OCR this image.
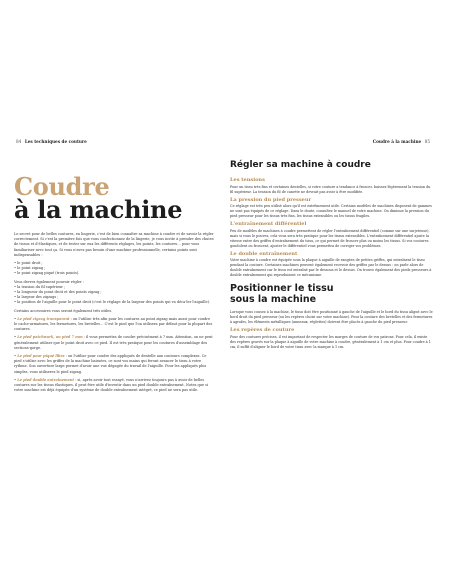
84 Les techniques de couture	Coudre à la machine 85
Coudre
à la machine

Le secret pour de belles coutures, en lingerie, c'est de bien connaître sa machine à coudre et de savoir la régler correctement. Si c'est la première fois que vous confectionnez de la lingerie, je vous invite à prendre des chutes de tissus et d'élastiques, et de tester sur eux les différents réglages, les points, les coutures… pour vous familiariser avec tout ça. Si vous n'avez pas besoin d'une machine professionnelle, certains points sont indispensables :

• le point droit ;
• le point zigzag ;
• le point zigzag piqué (trois points).

Vous devrez également pouvoir régler :
• la tension du fil supérieur ;
• la longueur du point droit et des points zigzag ;
• la largeur des zigzags ;
• la position de l'aiguille pour le point droit (c'est le réglage de la largeur des points qui va déca-ler l'aiguille).

Certains accessoires vous seront également très utiles.

• Le pied zigzag transparent : on l'utilise très afin pour les coutures au point zigzag mais aussi pour coudre le cache-armatures, les fermetures, les bretelles… C'est le pied que l'on utilisera par défaut pour la plupart des coutures.

• Le pied patchwork, ou pied 7 mm : il vous permettra de coudre précisément à 7 mm. Attention, on ne peut généralement utiliser que le point droit avec ce pied. Il est très pratique pour les coutures d'assemblage des sections-gorge.

• Le pied pour piqué libre : on l'utilise pour coudre des appliqués de dentelle aux contours complexes. Ce pied s'utilise avec les griffes de la machine baissées, ce sont vos mains qui feront avancer le tissu à votre rythme. Son ouverture large permet d'avoir une vue dégagée du travail de l'aiguille. Pour les appliqués plus simples, vous utiliserez le pied zigzag.

• Le pied double entraînement : si, après avoir tout essayé, vous n'arrivez toujours pas à avoir de belles coutures sur les tissus élastiques, il peut être utile d'investir dans un pied double entraînement. Notez que si votre machine est déjà équipée d'un système de double entraînement intégré, ce pied ne sera pas utile.

Régler sa machine à coudre
Les tensions
Pour un tissu très fins et certaines dentelles, si votre couture a tendance à froncer, baissez légèrement la tension du fil supérieur. La tension du fil de canette ne devrait pas avoir à être modifiée.
La pression du pied presseur
Ce réglage est très peu utilisé alors qu'il est extrêmement utile. Certains modèles de machines disposent de gammes ne sont pas équipés de ce réglage. Dans le doute, consultez le manuel de votre machine. On diminue la pression du pied presseur pour les tissus très fins, les tissus extensibles ou les tissus fragiles.
L'entraînement différentiel
Peu de modèles de machines à coudre permettent de régler l'entraînement différentiel (comme sur une surjeteuse), mais si vous le pouvez, cela vous sera très pratique pour les tissus extensibles. L'entraînement différentiel ajuste la vitesse entre des griffes d'entraînement du tissu, ce qui permet de froncer plus ou moins les tissus. Si vos coutures gondolent ou froncent, ajuster le différentiel vous permettra de corriger vos problèmes.
Le double entraînement
Votre machine à coudre est équipée sous la plaque à aiguille de rangées de petites griffes, qui entraînent le tissu pendant la couture. Certaines machines peuvent également recevoir des griffes par le dessus : on parle alors de double entraînement car le tissu est entraîné par le dessous et le dessus. On trouve également des pieds presseurs à double entraînement qui reproduisent ce mécanisme.
Positionner le tissu
sous la machine
Lorsque vous cousez à la machine, le tissu doit être positionné à gauche de l'aiguille et le bord du tissu aligné avec le bord droit du pied presseur (ou les repères choisi sur votre machine). Pour la couture des bretelles et des fermetures à agrafes, les éléments métalliques (anneaux, réglettes) doivent être placés à gauche du pied presseur.
Les repères de couture
Pour des coutures précises, il est important de respecter les marges de couture de vos patrons. Pour cela, il existe des repères gravés sur la plaque à aiguille de votre machine à coudre, généralement à 1 cm et plus. Pour coudre à 1 cm, il suffit d'aligner le bord de votre tissu avec la marque à 1 cm.
